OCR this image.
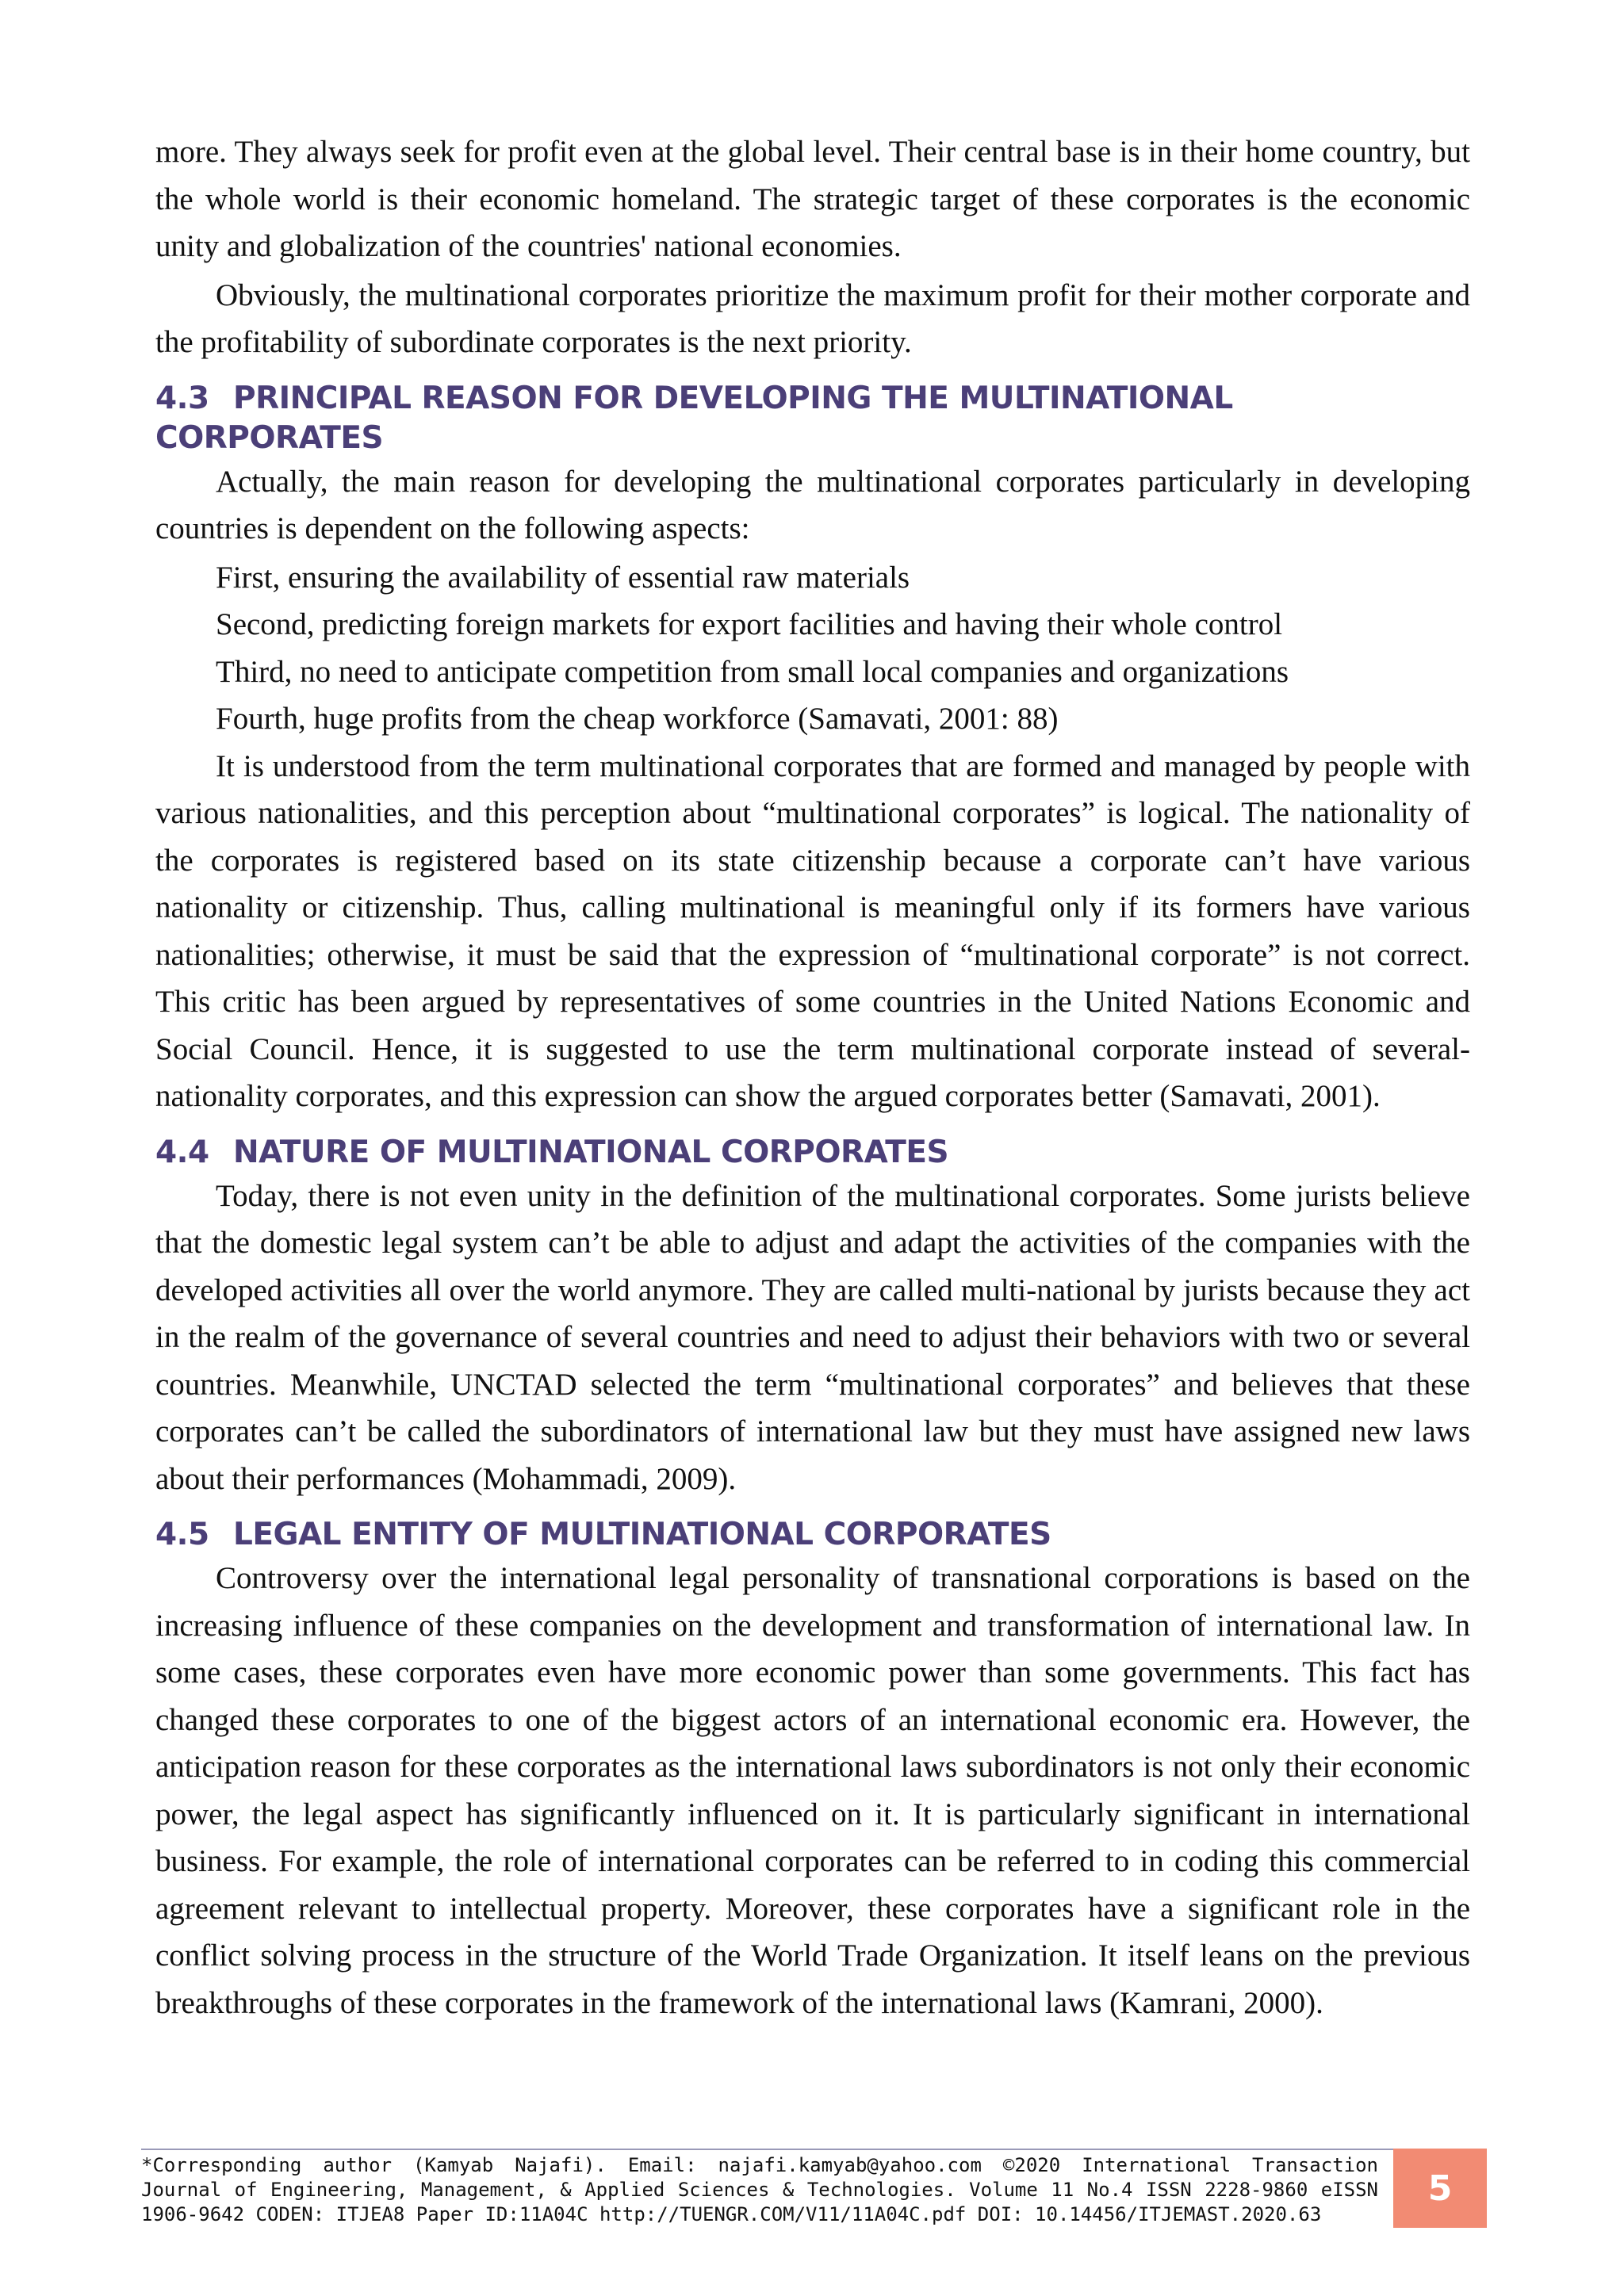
more. They always seek for profit even at the global level. Their central base is in their home country, but the whole world is their economic homeland. The strategic target of these corporates is the economic unity and globalization of the countries' national economies.

Obviously, the multinational corporates prioritize the maximum profit for their mother corporate and the profitability of subordinate corporates is the next priority.

4.3 PRINCIPAL REASON FOR DEVELOPING THE MULTINATIONAL CORPORATES

Actually, the main reason for developing the multinational corporates particularly in developing countries is dependent on the following aspects:

First, ensuring the availability of essential raw materials

Second, predicting foreign markets for export facilities and having their whole control

Third, no need to anticipate competition from small local companies and organizations

Fourth, huge profits from the cheap workforce (Samavati, 2001: 88)

It is understood from the term multinational corporates that are formed and managed by people with various nationalities, and this perception about “multinational corporates” is logical. The nationality of the corporates is registered based on its state citizenship because a corporate can’t have various nationality or citizenship. Thus, calling multinational is meaningful only if its formers have various nationalities; otherwise, it must be said that the expression of “multinational corporate” is not correct. This critic has been argued by representatives of some countries in the United Nations Economic and Social Council. Hence, it is suggested to use the term multinational corporate instead of several-nationality corporates, and this expression can show the argued corporates better (Samavati, 2001).

4.4 NATURE OF MULTINATIONAL CORPORATES

Today, there is not even unity in the definition of the multinational corporates. Some jurists believe that the domestic legal system can’t be able to adjust and adapt the activities of the companies with the developed activities all over the world anymore. They are called multi-national by jurists because they act in the realm of the governance of several countries and need to adjust their behaviors with two or several countries. Meanwhile, UNCTAD selected the term “multinational corporates” and believes that these corporates can’t be called the subordinators of international law but they must have assigned new laws about their performances (Mohammadi, 2009).

4.5 LEGAL ENTITY OF MULTINATIONAL CORPORATES

Controversy over the international legal personality of transnational corporations is based on the increasing influence of these companies on the development and transformation of international law. In some cases, these corporates even have more economic power than some governments. This fact has changed these corporates to one of the biggest actors of an international economic era. However, the anticipation reason for these corporates as the international laws subordinators is not only their economic power, the legal aspect has significantly influenced on it. It is particularly significant in international business. For example, the role of international corporates can be referred to in coding this commercial agreement relevant to intellectual property. Moreover, these corporates have a significant role in the conflict solving process in the structure of the World Trade Organization. It itself leans on the previous breakthroughs of these corporates in the framework of the international laws (Kamrani, 2000).

*Corresponding author (Kamyab Najafi). Email: najafi.kamyab@yahoo.com ©2020 International Transaction Journal of Engineering, Management, & Applied Sciences & Technologies. Volume 11 No.4 ISSN 2228-9860 eISSN 1906-9642 CODEN: ITJEA8 Paper ID:11A04C http://TUENGR.COM/V11/11A04C.pdf DOI: 10.14456/ITJEMAST.2020.63
5
